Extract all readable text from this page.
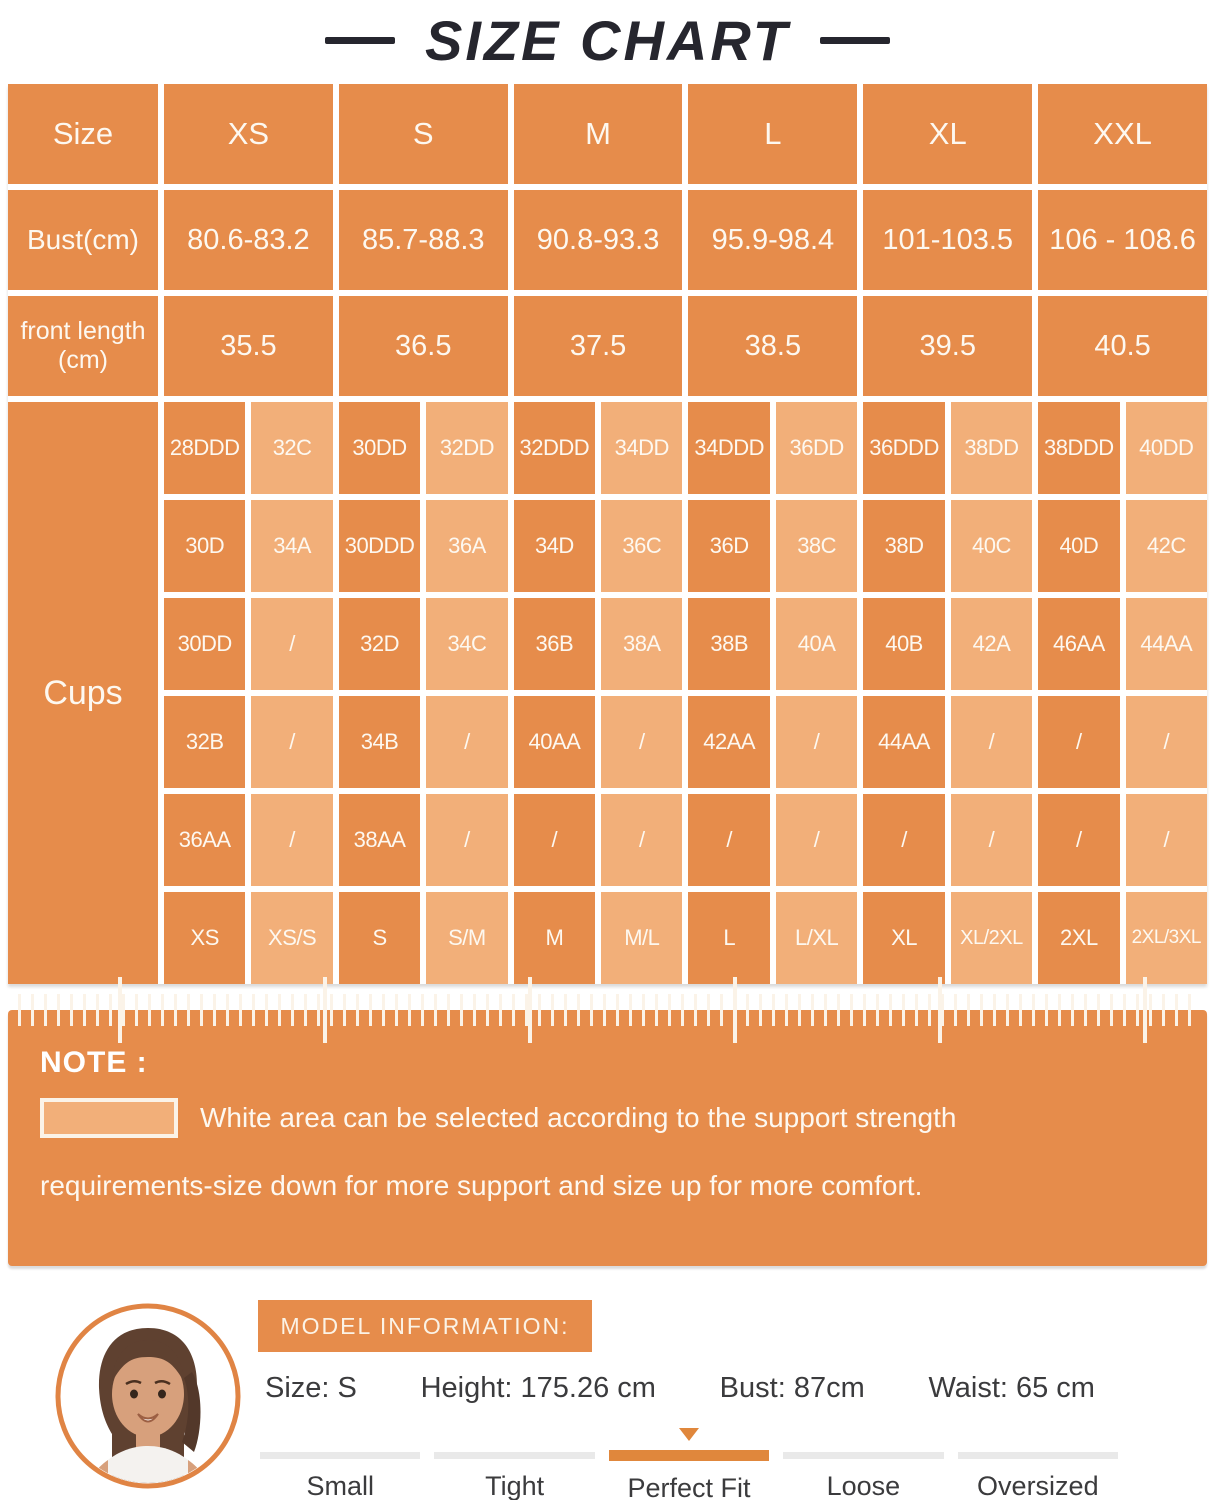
SIZE CHART
Size	XS	S	M	L	XL	XXL
Bust(cm)	80.6-83.2	85.7-88.3	90.8-93.3	95.9-98.4	101-103.5	106 - 108.6
front length (cm)	35.5	36.5	37.5	38.5	39.5	40.5
Cups
28DDD	32C	30DD	32DD	32DDD	34DD	34DDD	36DD	36DDD	38DD	38DDD	40DD
30D	34A	30DDD	36A	34D	36C	36D	38C	38D	40C	40D	42C
30DD	/	32D	34C	36B	38A	38B	40A	40B	42A	46AA	44AA
32B	/	34B	/	40AA	/	42AA	/	44AA	/	/	/
36AA	/	38AA	/	/	/	/	/	/	/	/	/
XS	XS/S	S	S/M	M	M/L	L	L/XL	XL	XL/2XL	2XL	2XL/3XL
NOTE :
White area can be selected according to the support strength
requirements-size down for more support and size up for more comfort.
MODEL INFORMATION:
Size: S Height: 175.26 cm Bust: 87cm Waist: 65 cm
Small	Tight	Perfect Fit	Loose	Oversized
